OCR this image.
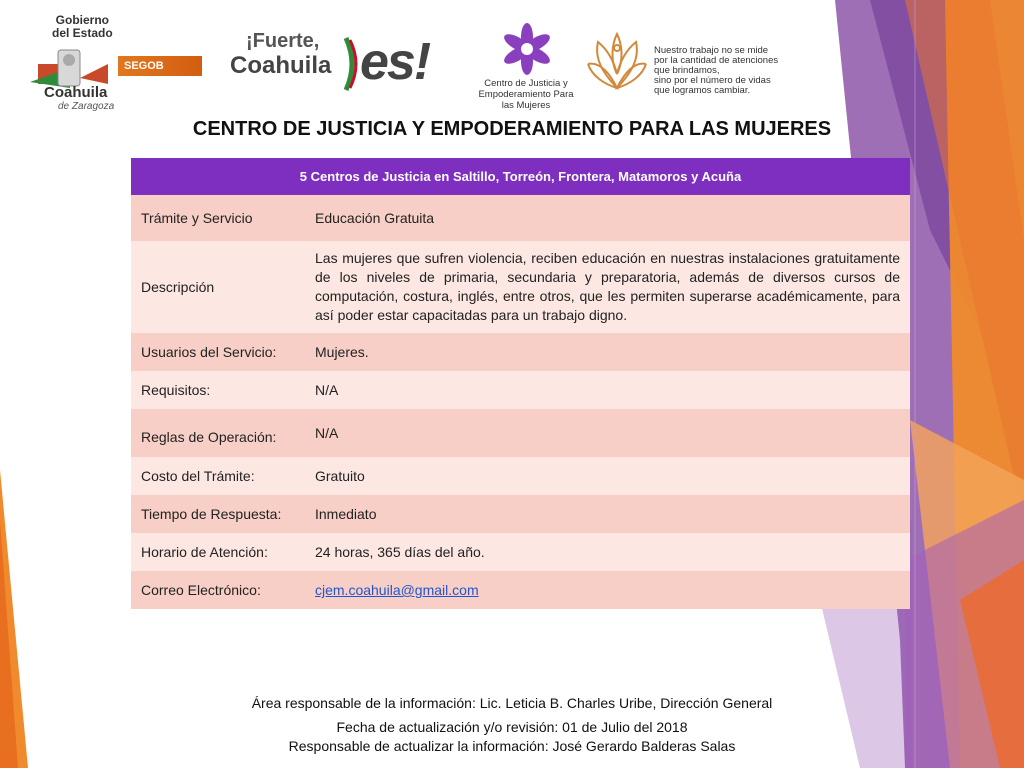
Gobierno
del Estado
Coahuila
de Zaragoza
SEGOB SECRETARÍA DE GOBIERNO
¡Fuerte,
Coahuila es!	Centro de Justicia y Empoderamiento Para las Mujeres
Nuestro trabajo no se mide
por la cantidad de atenciones
que brindamos,
sino por el número de vidas
que logramos cambiar.
CENTRO DE JUSTICIA Y EMPODERAMIENTO PARA LAS MUJERES
5 Centros de Justicia en Saltillo, Torreón, Frontera, Matamoros y Acuña	
Trámite y Servicio	Educación Gratuita
Descripción	Las mujeres que sufren violencia, reciben educación en nuestras instalaciones gratuitamente de los niveles de primaria, secundaria y preparatoria, además de diversos cursos de computación, costura, inglés, entre otros, que les permiten superarse académicamente, para así poder estar capacitadas para un trabajo digno.
Usuarios del Servicio:	Mujeres.
Requisitos:	N/A
Reglas de Operación:	N/A
Costo del Trámite:	Gratuito
Tiempo de Respuesta:	Inmediato
Horario de Atención:	24 horas, 365 días del año.
Correo Electrónico:	cjem.coahuila@gmail.com
Área responsable de la información: Lic. Leticia B. Charles Uribe, Dirección General
Fecha de actualización y/o revisión: 01 de Julio del 2018
Responsable de actualizar la información: José Gerardo Balderas Salas
